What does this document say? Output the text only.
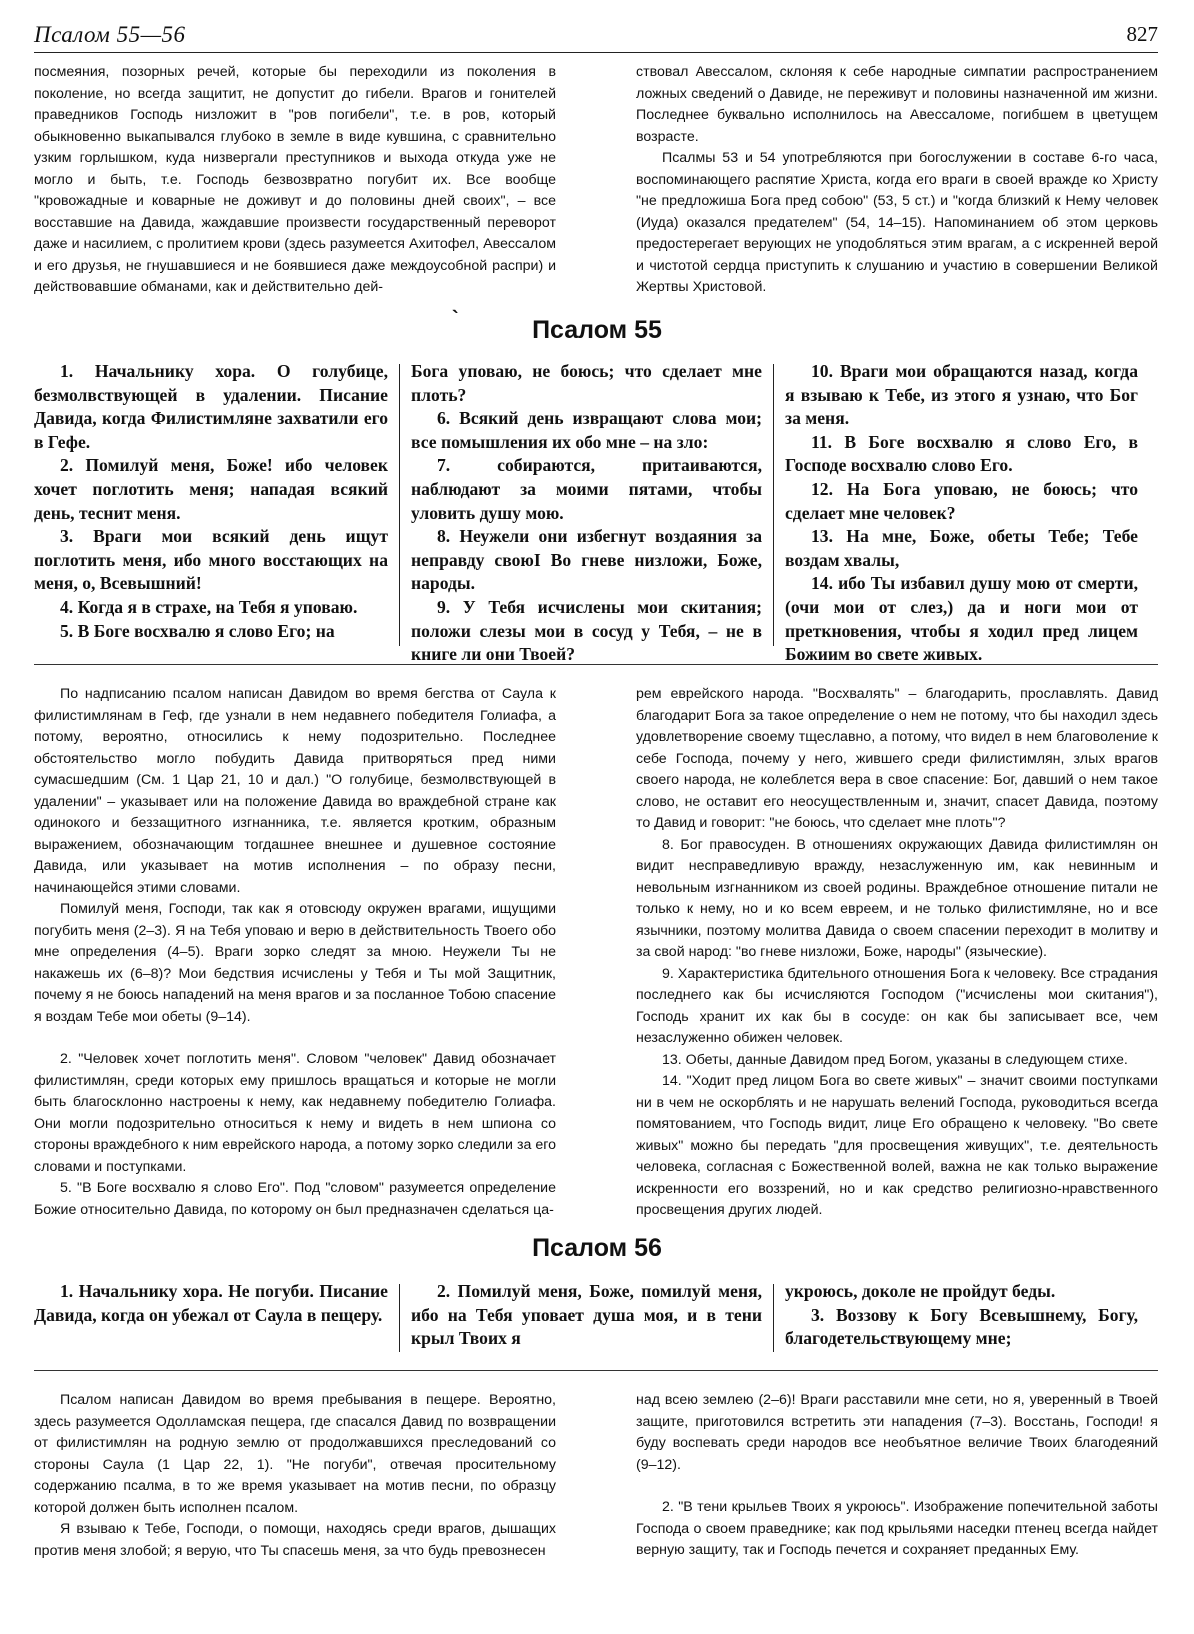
Псалом 55—56	827

посмеяния, позорных речей, которые бы переходили из поколения в поколение, но всегда защитит, не допустит до гибели. Врагов и гонителей праведников Господь низложит в "ров погибели", т.е. в ров, который обыкновенно выкапывался глубоко в земле в виде кувшина, с сравнительно узким горлышком, куда низвергали преступников и выхода откуда уже не могло и быть, т.е. Господь безвозвратно погубит их. Все вообще "кровожадные и коварные не доживут и до половины дней своих", – все восставшие на Давида, жаждавшие произвести государственный переворот даже и насилием, с пролитием крови (здесь разумеется Ахитофел, Авессалом и его друзья, не гнушавшиеся и не боявшиеся даже междоусобной распри) и действовавшие обманами, как и действительно дей-

ствовал Авессалом, склоняя к себе народные симпатии распространением ложных сведений о Давиде, не переживут и половины назначенной им жизни. Последнее буквально исполнилось на Авессаломе, погибшем в цветущем возрасте.

Псалмы 53 и 54 употребляются при богослужении в составе 6-го часа, воспоминающего распятие Христа, когда его враги в своей вражде ко Христу "не предложиша Бога пред собою" (53, 5 ст.) и "когда близкий к Нему человек (Иуда) оказался предателем" (54, 14–15). Напоминанием об этом церковь предостерегает верующих не уподобляться этим врагам, а с искренней верой и чистотой сердца приступить к слушанию и участию в совершении Великой Жертвы Христовой.

`	Псалом 55

1. Начальнику хора. О голубице, безмолвствующей в удалении. Писание Давида, когда Филистимляне захватили его в Гефе.

2. Помилуй меня, Боже! ибо человек хочет поглотить меня; нападая всякий день, теснит меня.

3. Враги мои всякий день ищут поглотить меня, ибо много восстающих на меня, о, Всевышний!

4. Когда я в страхе, на Тебя я уповаю.

5. В Боге восхвалю я слово Его; на

Бога уповаю, не боюсь; что сделает мне плоть?

6. Всякий день извращают слова мои; все помышления их обо мне – на зло:

7. собираются, притаиваются, наблюдают за моими пятами, чтобы уловить душу мою.

8. Неужели они избегнут воздаяния за неправду своюІ Во гневе низложи, Боже, народы.

9. У Тебя исчислены мои скитания; положи слезы мои в сосуд у Тебя, – не в книге ли они Твоей?

10. Враги мои обращаются назад, когда я взываю к Тебе, из этого я узнаю, что Бог за меня.

11. В Боге восхвалю я слово Его, в Господе восхвалю слово Его.

12. На Бога уповаю, не боюсь; что сделает мне человек?

13. На мне, Боже, обеты Тебе; Тебе воздам хвалы,

14. ибо Ты избавил душу мою от смерти, (очи мои от слез,) да и ноги мои от преткновения, чтобы я ходил пред лицем Божиим во свете живых.

По надписанию псалом написан Давидом во время бегства от Саула к филистимлянам в Геф, где узнали в нем недавнего победителя Голиафа, а потому, вероятно, относились к нему подозрительно. Последнее обстоятельство могло побудить Давида притворяться пред ними сумасшедшим (См. 1 Цар 21, 10 и дал.) "О голубице, безмолвствующей в удалении" – указывает или на положение Давида во враждебной стране как одинокого и беззащитного изгнанника, т.е. является кротким, образным выражением, обозначающим тогдашнее внешнее и душевное состояние Давида, или указывает на мотив исполнения – по образу песни, начинающейся этими словами.

Помилуй меня, Господи, так как я отовсюду окружен врагами, ищущими погубить меня (2–3). Я на Тебя уповаю и верю в действительность Твоего обо мне определения (4–5). Враги зорко следят за мною. Неужели Ты не накажешь их (6–8)? Мои бедствия исчислены у Тебя и Ты мой Защитник, почему я не боюсь нападений на меня врагов и за посланное Тобою спасение я воздам Тебе мои обеты (9–14).

2. "Человек хочет поглотить меня". Словом "человек" Давид обозначает филистимлян, среди которых ему пришлось вращаться и которые не могли быть благосклонно настроены к нему, как недавнему победителю Голиафа. Они могли подозрительно относиться к нему и видеть в нем шпиона со стороны враждебного к ним еврейского народа, а потому зорко следили за его словами и поступками.

5. "В Боге восхвалю я слово Его". Под "словом" разумеется определение Божие относительно Давида, по которому он был предназначен сделаться ца-

рем еврейского народа. "Восхвалять" – благодарить, прославлять. Давид благодарит Бога за такое определение о нем не потому, что бы находил здесь удовлетворение своему тщеславно, а потому, что видел в нем благоволение к себе Господа, почему у него, жившего среди филистимлян, злых врагов своего народа, не колеблется вера в свое спасение: Бог, давший о нем такое слово, не оставит его неосуществленным и, значит, спасет Давида, поэтому то Давид и говорит: "не боюсь, что сделает мне плоть"?

8. Бог правосуден. В отношениях окружающих Давида филистимлян он видит несправедливую вражду, незаслуженную им, как невинным и невольным изгнанником из своей родины. Враждебное отношение питали не только к нему, но и ко всем евреем, и не только филистимляне, но и все язычники, поэтому молитва Давида о своем спасении переходит в молитву и за свой народ: "во гневе низложи, Боже, народы" (языческие).

9. Характеристика бдительного отношения Бога к человеку. Все страдания последнего как бы исчисляются Господом ("исчислены мои скитания"), Господь хранит их как бы в сосуде: он как бы записывает все, чем незаслуженно обижен человек.

13. Обеты, данные Давидом пред Богом, указаны в следующем стихе.

14. "Ходит пред лицом Бога во свете живых" – значит своими поступками ни в чем не оскорблять и не нарушать велений Господа, руководиться всегда помятованием, что Господь видит, лице Его обращено к человеку. "Во свете живых" можно бы передать "для просвещения живущих", т.е. деятельность человека, согласная с Божественной волей, важна не как только выражение искренности его воззрений, но и как средство религиозно-нравственного просвещения других людей.

Псалом 56

1. Начальнику хора. Не погуби. Писание Давида, когда он убежал от Саула в пещеру.

2. Помилуй меня, Боже, помилуй меня, ибо на Тебя уповает душа моя, и в тени крыл Твоих я

укроюсь, доколе не пройдут беды.

3. Воззову к Богу Всевышнему, Богу, благодетельствующему мне;

Псалом написан Давидом во время пребывания в пещере. Вероятно, здесь разумеется Одолламская пещера, где спасался Давид по возвращении от филистимлян на родную землю от продолжавшихся преследований со стороны Саула (1 Цар 22, 1). "Не погуби", отвечая просительному содержанию псалма, в то же время указывает на мотив песни, по образцу которой должен быть исполнен псалом.

Я взываю к Тебе, Господи, о помощи, находясь среди врагов, дышащих против меня злобой; я верую, что Ты спасешь меня, за что будь превознесен

над всею землею (2–6)! Враги расставили мне сети, но я, уверенный в Твоей защите, приготовился встретить эти нападения (7–3). Восстань, Господи! я буду воспевать среди народов все необъятное величие Твоих благодеяний (9–12).

2. "В тени крыльев Твоих я укроюсь". Изображение попечительной заботы Господа о своем праведнике; как под крыльями наседки птенец всегда найдет верную защиту, так и Господь печется и сохраняет преданных Ему.
